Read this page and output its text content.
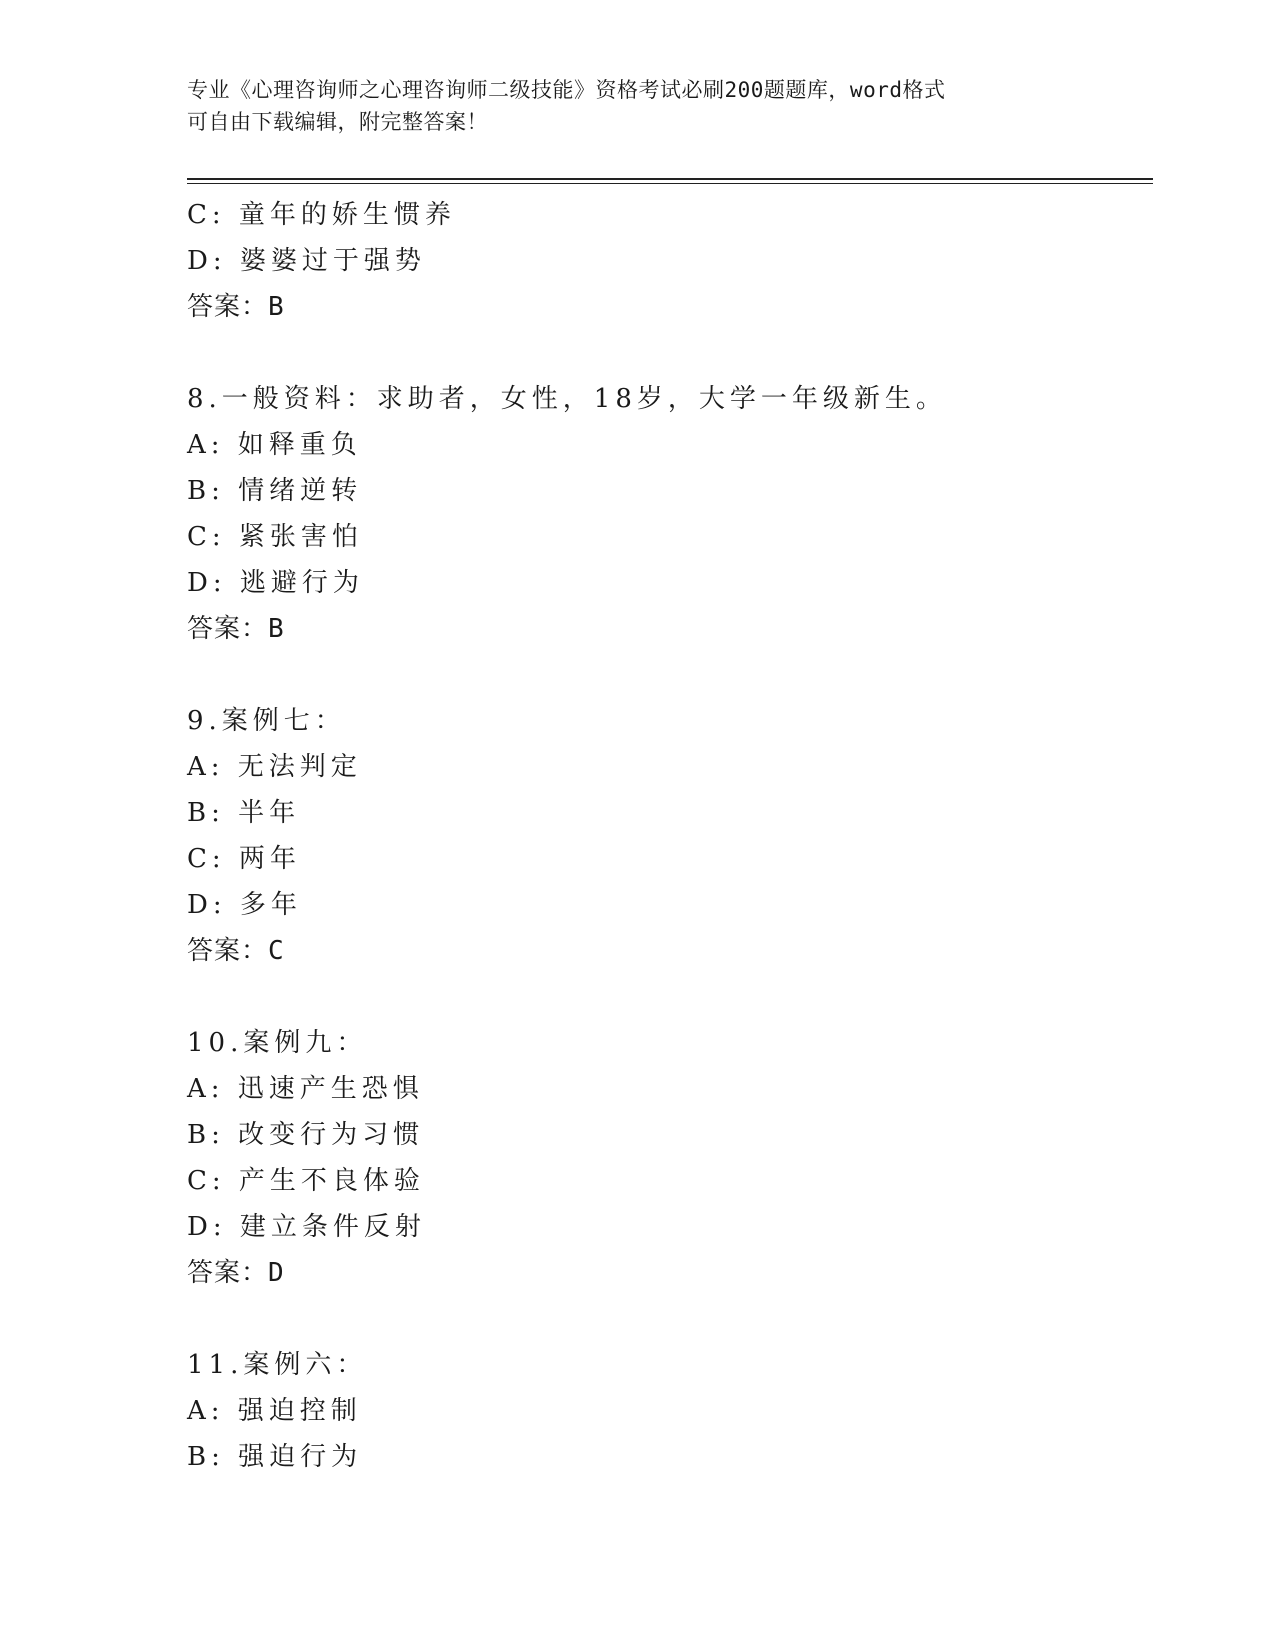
专业《心理咨询师之心理咨询师二级技能》资格考试必刷200题题库，word格式
可自由下载编辑，附完整答案！
C: 童年的娇生惯养
D: 婆婆过于强势
答案：B
8.一般资料：求助者，女性，18岁，大学一年级新生。
A: 如释重负
B: 情绪逆转
C: 紧张害怕
D: 逃避行为
答案：B
9.案例七：
A: 无法判定
B: 半年
C: 两年
D: 多年
答案：C
10.案例九：
A: 迅速产生恐惧
B: 改变行为习惯
C: 产生不良体验
D: 建立条件反射
答案：D
11.案例六：
A: 强迫控制
B: 强迫行为
